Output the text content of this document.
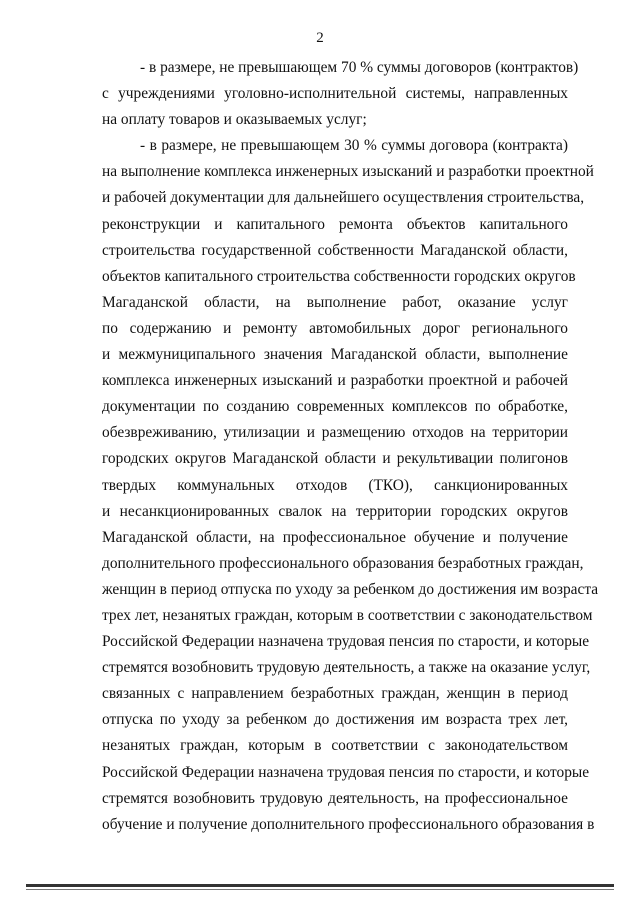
2
- в размере, не превышающем 70 % суммы договоров (контрактов)
с учреждениями уголовно-исполнительной системы, направленных
на оплату товаров и оказываемых услуг;
- в размере, не превышающем 30 % суммы договора (контракта)
на выполнение комплекса инженерных изысканий и разработки проектной
и рабочей документации для дальнейшего осуществления строительства,
реконструкции и капитального ремонта объектов капитального
строительства государственной собственности Магаданской области,
объектов капитального строительства собственности городских округов
Магаданской области, на выполнение работ, оказание услуг
по содержанию и ремонту автомобильных дорог регионального
и межмуниципального значения Магаданской области, выполнение
комплекса инженерных изысканий и разработки проектной и рабочей
документации по созданию современных комплексов по обработке,
обезвреживанию, утилизации и размещению отходов на территории
городских округов Магаданской области и рекультивации полигонов
твердых коммунальных отходов (ТКО), санкционированных
и несанкционированных свалок на территории городских округов
Магаданской области, на профессиональное обучение и получение
дополнительного профессионального образования безработных граждан,
женщин в период отпуска по уходу за ребенком до достижения им возраста
трех лет, незанятых граждан, которым в соответствии с законодательством
Российской Федерации назначена трудовая пенсия по старости, и которые
стремятся возобновить трудовую деятельность, а также на оказание услуг,
связанных с направлением безработных граждан, женщин в период
отпуска по уходу за ребенком до достижения им возраста трех лет,
незанятых граждан, которым в соответствии с законодательством
Российской Федерации назначена трудовая пенсия по старости, и которые
стремятся возобновить трудовую деятельность, на профессиональное
обучение и получение дополнительного профессионального образования в
